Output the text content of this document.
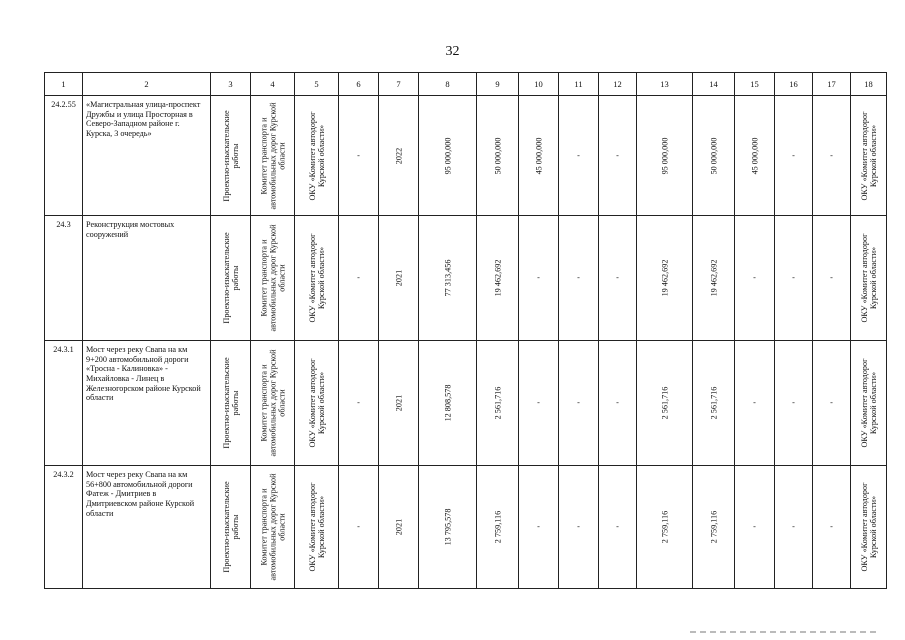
32
1	2	3	4	5	6	7	8	9	10	11	12	13	14	15	16	17	18
24.2.55	«Магистральная улица-проспект Дружбы и улица Просторная в Северо-Западном районе г. Курска, 3 очередь»	Проектно-изыскательские работы	Комитет транспорта и автомобильных дорог Курской области	ОКУ «Комитет автодорог Курской области»	-	2022	95 000,000	50 000,000	45 000,000	-	-	95 000,000	50 000,000	45 000,000	-	-	ОКУ «Комитет автодорог Курской области»

24.3	Реконструкция мостовых сооружений	Проектно-изыскательские работы	Комитет транспорта и автомобильных дорог Курской области	ОКУ «Комитет автодорог Курской области»	-	2021	77 313,456	19 462,692	-	-	-	19 462,692	19 462,692	-	-	-	ОКУ «Комитет автодорог Курской области»

24.3.1	Мост через реку Свапа на км 9+200 автомобильной дороги «Тросна - Калиновка» - Михайловка - Линец в Железногорском районе Курской области	Проектно-изыскательские работы	Комитет транспорта и автомобильных дорог Курской области	ОКУ «Комитет автодорог Курской области»	-	2021	12 808,578	2 561,716	-	-	-	2 561,716	2 561,716	-	-	-	ОКУ «Комитет автодорог Курской области»

24.3.2	Мост через реку Свапа на км 56+800 автомобильной дороги Фатеж - Дмитриев в Дмитриевском районе Курской области	Проектно-изыскательские работы	Комитет транспорта и автомобильных дорог Курской области	ОКУ «Комитет автодорог Курской области»	-	2021	13 795,578	2 759,116	-	-	-	2 759,116	2 759,116	-	-	-	ОКУ «Комитет автодорог Курской области»
